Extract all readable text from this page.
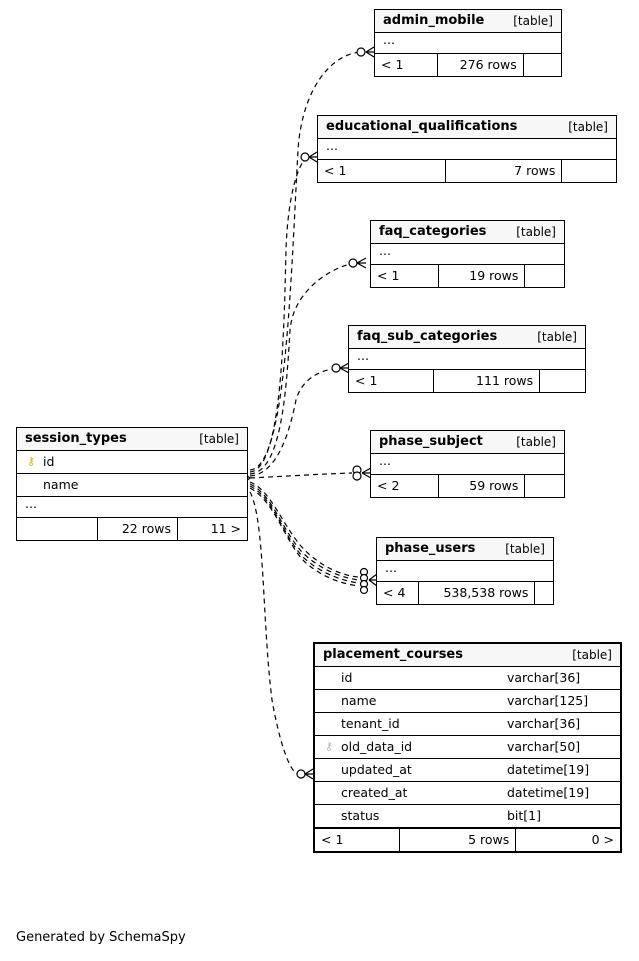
session_types	[table]
⚷ id
name
...
22 rows	11 >
admin_mobile [table]
...
< 1	276 rows
educational_qualifications	[table]
...
< 1	7 rows
faq_categories [table]
...
< 1	19 rows
faq_sub_categories	[table]
...
< 1	111 rows
phase_subject	[table]
...
< 2	59 rows
phase_users [table]
...
< 4	538,538 rows
placement_courses	[table]
id	varchar[36]
name	varchar[125]
tenant_id	varchar[36]
⚷ old_data_id	varchar[50]
updated_at	datetime[19]
created_at	datetime[19]
status	bit[1]
< 1	5 rows	0 >
Generated by SchemaSpy
